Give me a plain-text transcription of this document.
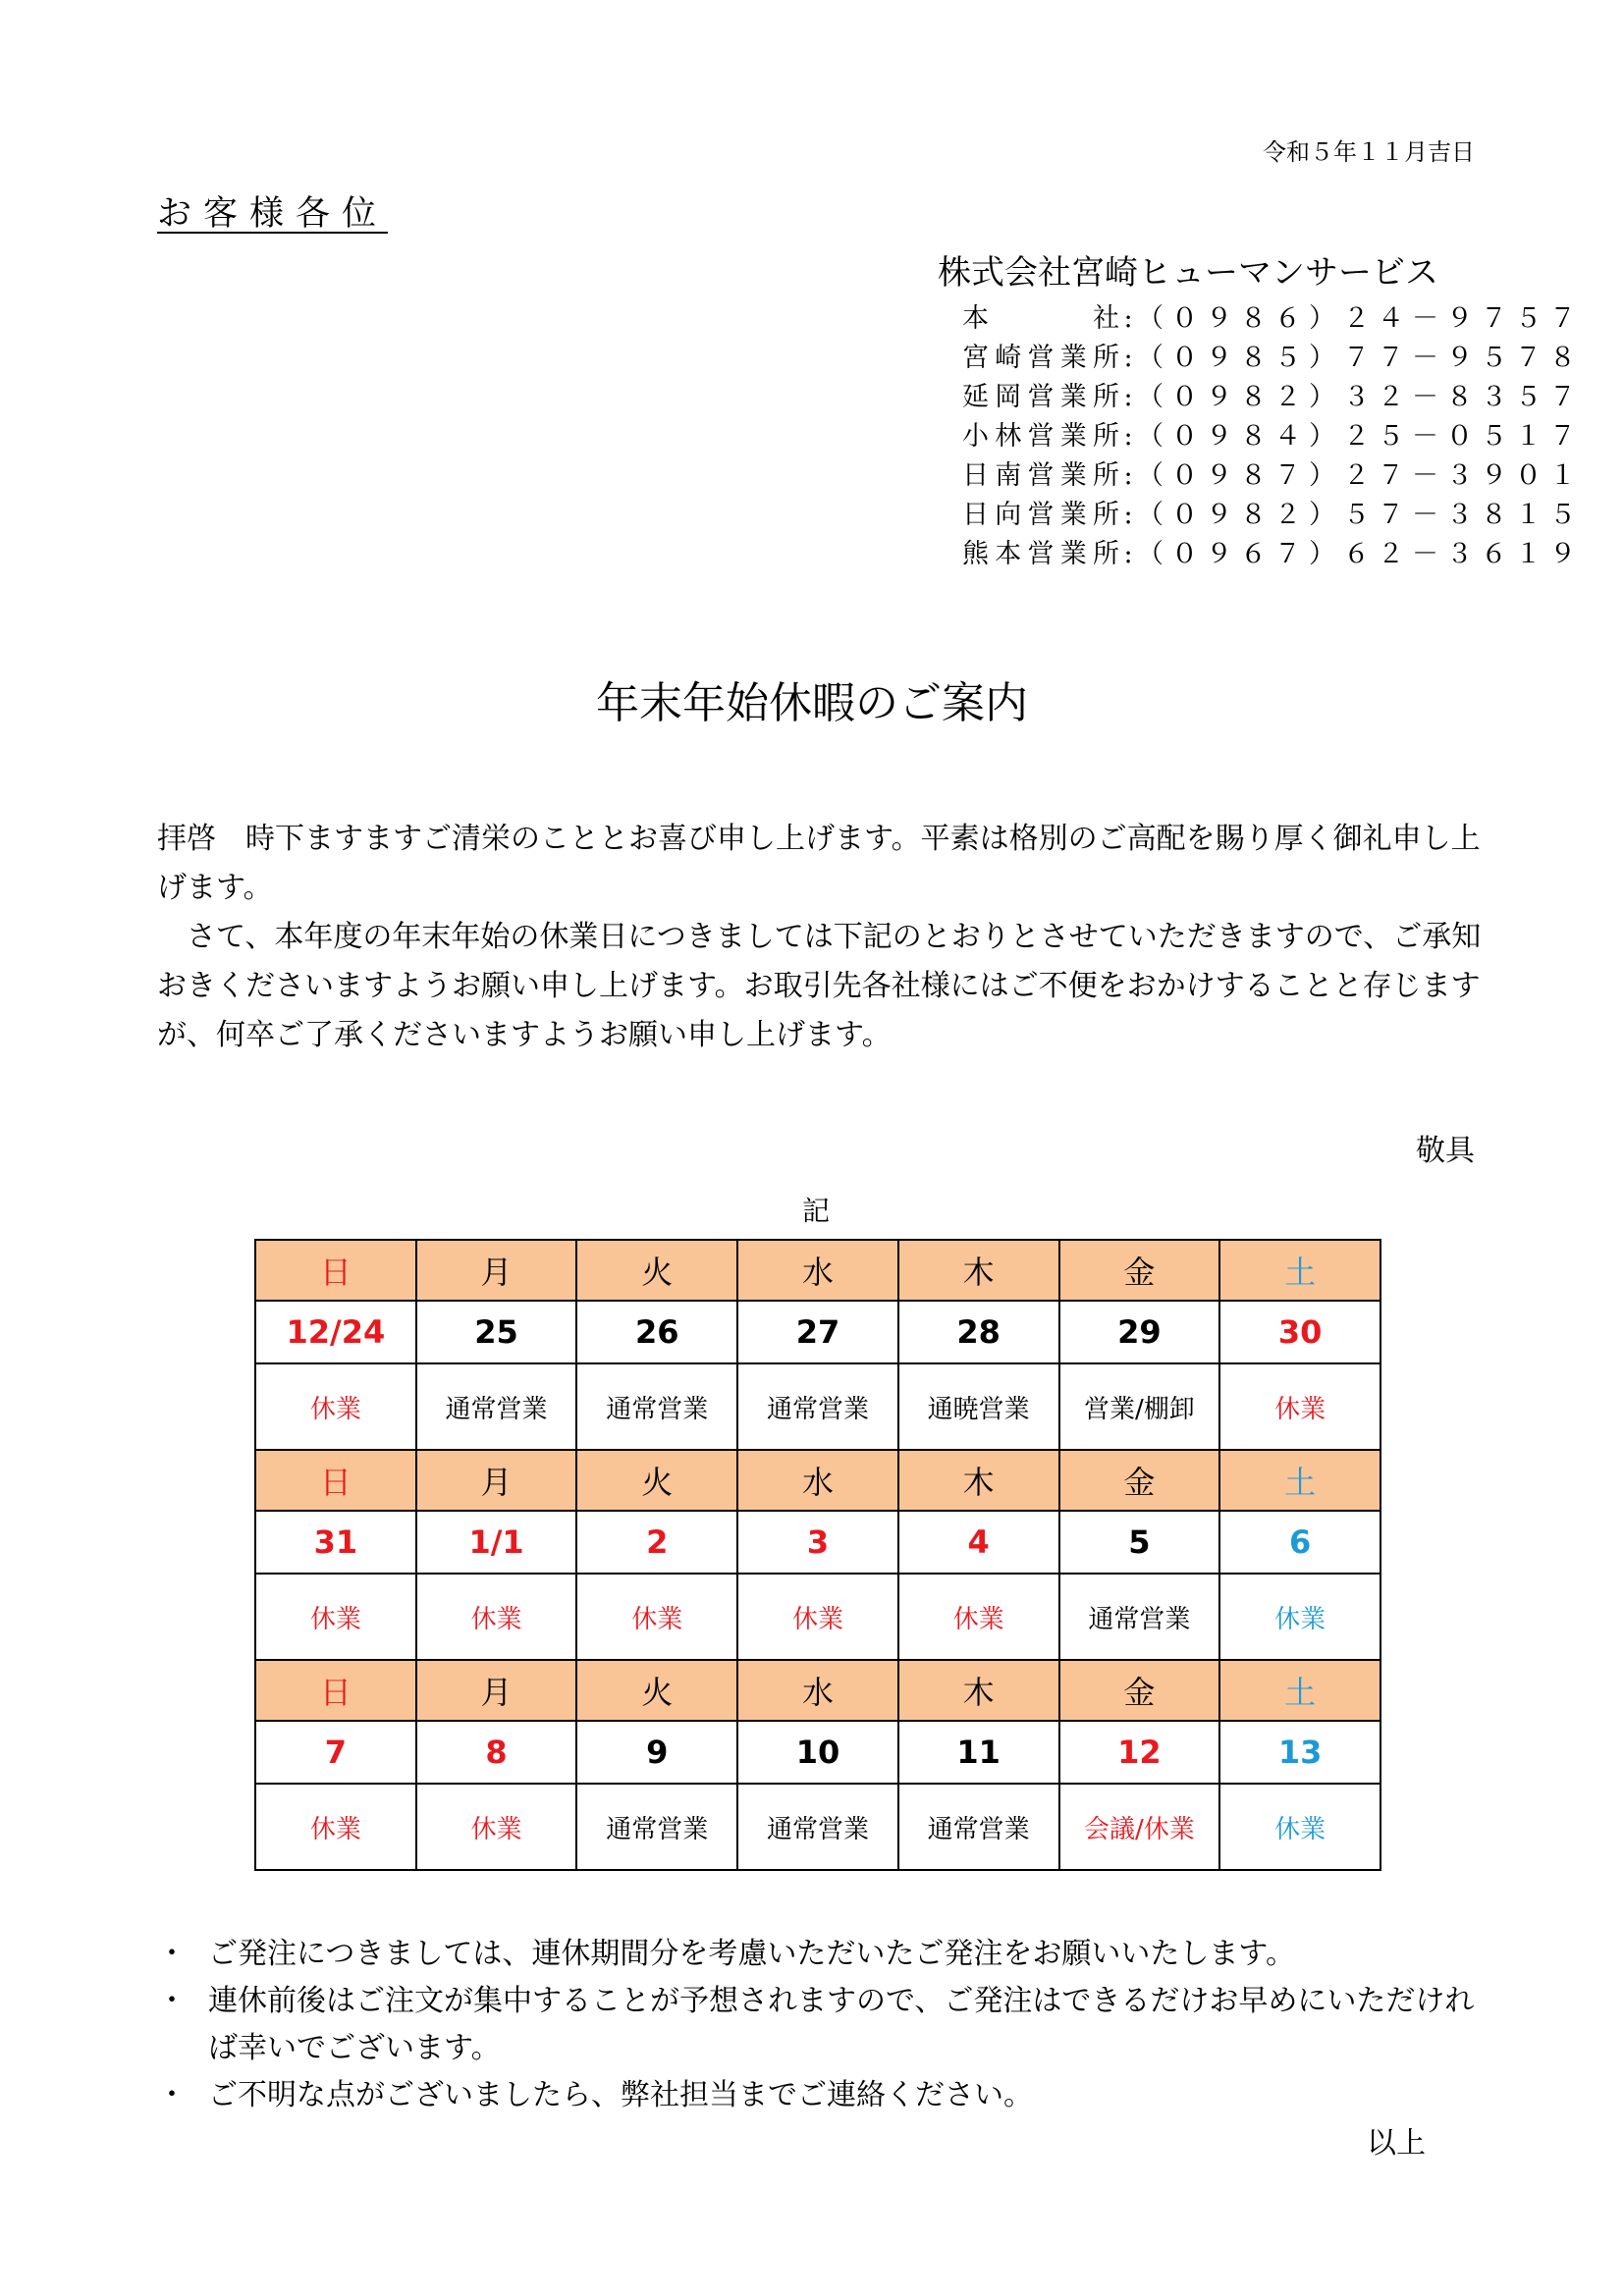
令和５年１１月吉日
お客様各位
株式会社宮崎ヒューマンサービス
本社 : （０９８６）２４－９７５７
宮崎営業所 : （０９８５）７７－９５７８
延岡営業所 : （０９８２）３２－８３５７
小林営業所 : （０９８４）２５－０５１７
日南営業所 : （０９８７）２７－３９０１
日向営業所 : （０９８２）５７－３８１５
熊本営業所 : （０９６７）６２－３６１９
年末年始休暇のご案内

拝啓　時下ますますご清栄のこととお喜び申し上げます。平素は格別のご高配を賜り厚く御礼申し上げます。

さて、本年度の年末年始の休業日につきましては下記のとおりとさせていただきますので、ご承知おきくださいますようお願い申し上げます。お取引先各社様にはご不便をおかけすることと存じますが、何卒ご了承くださいますようお願い申し上げます。

敬具
記
日	月	火	水	木	金	土
12/24	25	26	27	28	29	30
休業	通常営業	通常営業	通常営業	通暁営業	営業/棚卸	休業
日	月	火	水	木	金	土
31	1/1	2	3	4	5	6
休業	休業	休業	休業	休業	通常営業	休業
日	月	火	水	木	金	土
7	8	9	10	11	12	13
休業	休業	通常営業	通常営業	通常営業	会議/休業	休業
・ ご発注につきましては、連休期間分を考慮いただいたご発注をお願いいたします。
・ 連休前後はご注文が集中することが予想されますので、ご発注はできるだけお早めにいただければ幸いでございます。
・ ご不明な点がございましたら、弊社担当までご連絡ください。
以上
